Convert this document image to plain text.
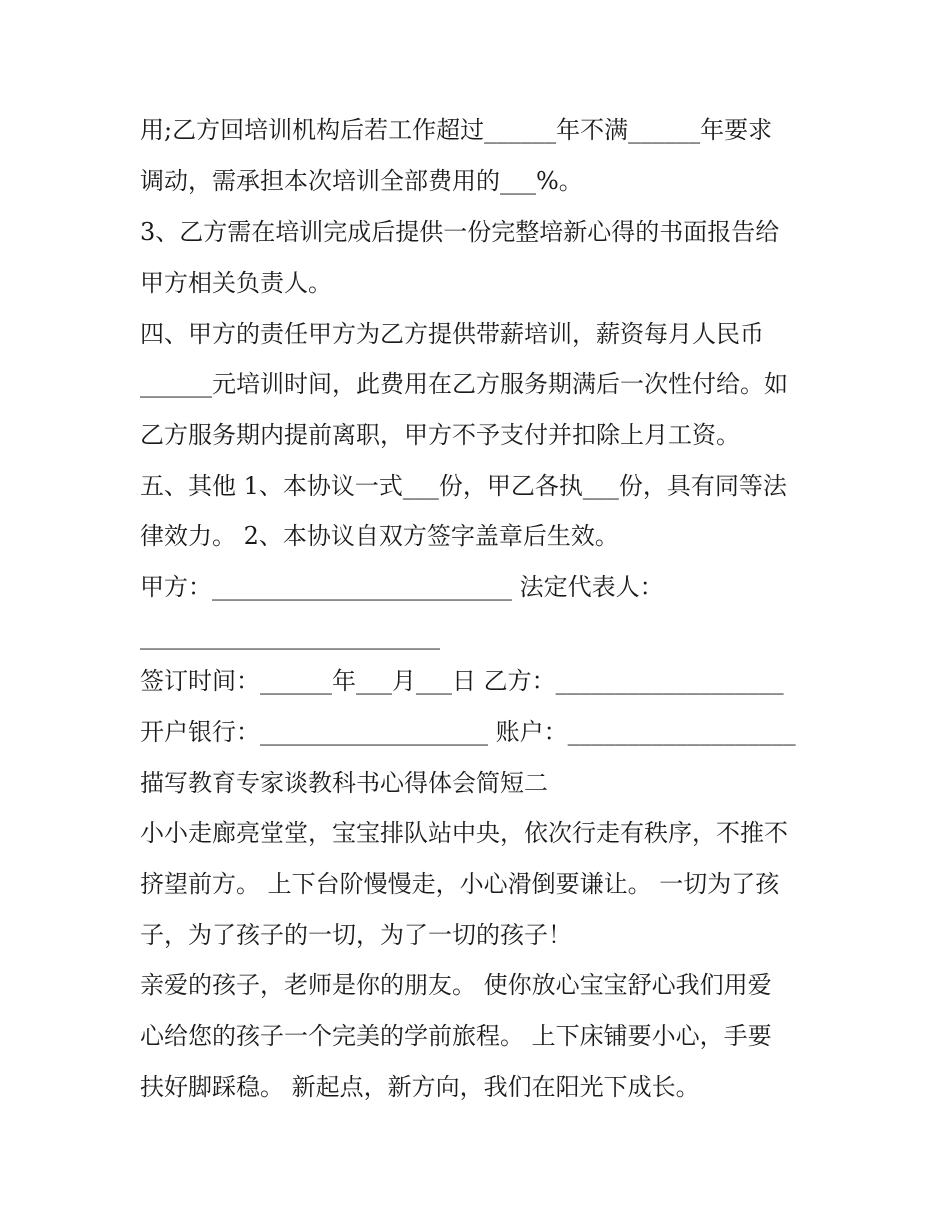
用;乙方回培训机构后若工作超过______年不满______年要求

调动，需承担本次培训全部费用的___%。

3、乙方需在培训完成后提供一份完整培新心得的书面报告给

甲方相关负责人。

四、甲方的责任甲方为乙方提供带薪培训，薪资每月人民币

______元培训时间，此费用在乙方服务期满后一次性付给。如

乙方服务期内提前离职，甲方不予支付并扣除上月工资。

五、其他 1、本协议一式___份，甲乙各执___份，具有同等法

律效力。 2、本协议自双方签字盖章后生效。

甲方：_________________________ 法定代表人：

_________________________

签订时间：______年___月___日 乙方：___________________

开户银行：___________________ 账户：___________________

描写教育专家谈教科书心得体会简短二

小小走廊亮堂堂，宝宝排队站中央，依次行走有秩序，不推不

挤望前方。 上下台阶慢慢走，小心滑倒要谦让。 一切为了孩

子，为了孩子的一切，为了一切的孩子！

亲爱的孩子，老师是你的朋友。 使你放心宝宝舒心我们用爱

心给您的孩子一个完美的学前旅程。 上下床铺要小心，手要

扶好脚踩稳。 新起点，新方向，我们在阳光下成长。
